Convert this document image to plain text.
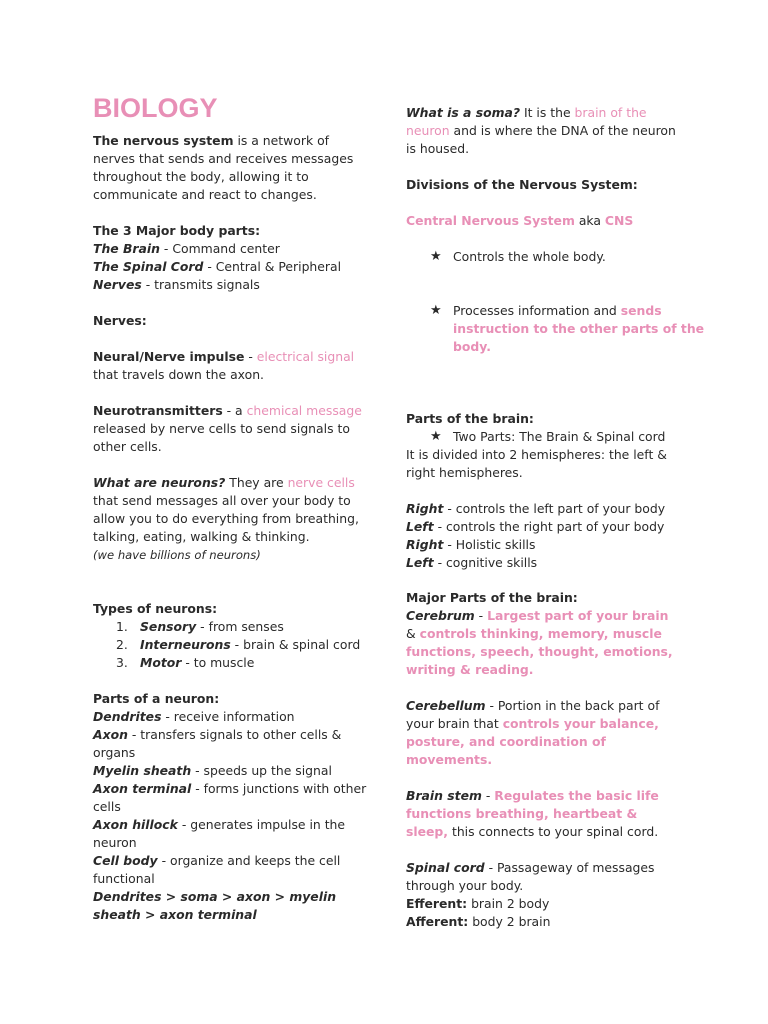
BIOLOGY

The nervous system is a network of nerves that sends and receives messages throughout the body, allowing it to communicate and react to changes.

The 3 Major body parts:

The Brain - Command center

The Spinal Cord - Central & Peripheral

Nerves - transmits signals

Nerves:

Neural/Nerve impulse - electrical signal that travels down the axon.

Neurotransmitters - a chemical message released by nerve cells to send signals to other cells.

What are neurons? They are nerve cells that send messages all over your body to allow you to do everything from breathing, talking, eating, walking & thinking.

(we have billions of neurons)

Types of neurons:

1. Sensory - from senses
2. Interneurons - brain & spinal cord
3. Motor - to muscle

Parts of a neuron:

Dendrites - receive information

Axon - transfers signals to other cells & organs

Myelin sheath - speeds up the signal

Axon terminal - forms junctions with other cells

Axon hillock - generates impulse in the neuron

Cell body - organize and keeps the cell functional

Dendrites > soma > axon > myelin sheath > axon terminal

What is a soma? It is the brain of the neuron and is where the DNA of the neuron is housed.

Divisions of the Nervous System:

Central Nervous System aka CNS

★ Controls the whole body.
★ Processes information and sends instruction to the other parts of the body.
★ Two Parts: The Brain & Spinal cord

Parts of the brain:

It is divided into 2 hemispheres: the left & right hemispheres.

Right - controls the left part of your body

Left - controls the right part of your body

Right - Holistic skills

Left - cognitive skills

Major Parts of the brain:

Cerebrum - Largest part of your brain & controls thinking, memory, muscle functions, speech, thought, emotions, writing & reading.

Cerebellum - Portion in the back part of your brain that controls your balance, posture, and coordination of movements.

Brain stem - Regulates the basic life functions breathing, heartbeat & sleep, this connects to your spinal cord.

Spinal cord - Passageway of messages through your body.

Efferent: brain 2 body

Afferent: body 2 brain
